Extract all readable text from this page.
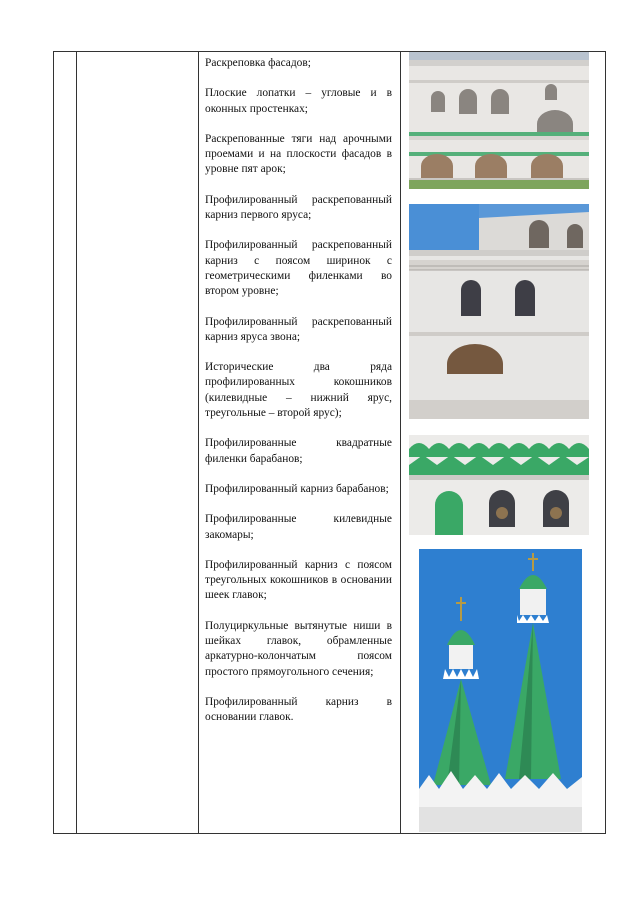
Раскреповка фасадов;

Плоские лопатки – угловые и в оконных простенках;

Раскрепованные тяги над арочными проемами и на плоскости фасадов в уровне пят арок;

Профилированный раскрепованный карниз первого яруса;

Профилированный раскрепованный карниз с поясом ширинок с геометрическими филенками во втором уровне;

Профилированный раскрепованный карниз яруса звона;

Исторические два ряда профилированных кокошников (килевидные – нижний ярус, треугольные – второй ярус);

Профилированные квадратные филенки барабанов;

Профилированный карниз барабанов;

Профилированные килевидные закомары;

Профилированный карниз с поясом треугольных кокошников в основании шеек главок;

Полуциркульные вытянутые ниши в шейках главок, обрамленные аркатурно-колончатым поясом простого прямоугольного сечения;

Профилированный карниз в основании главок.
